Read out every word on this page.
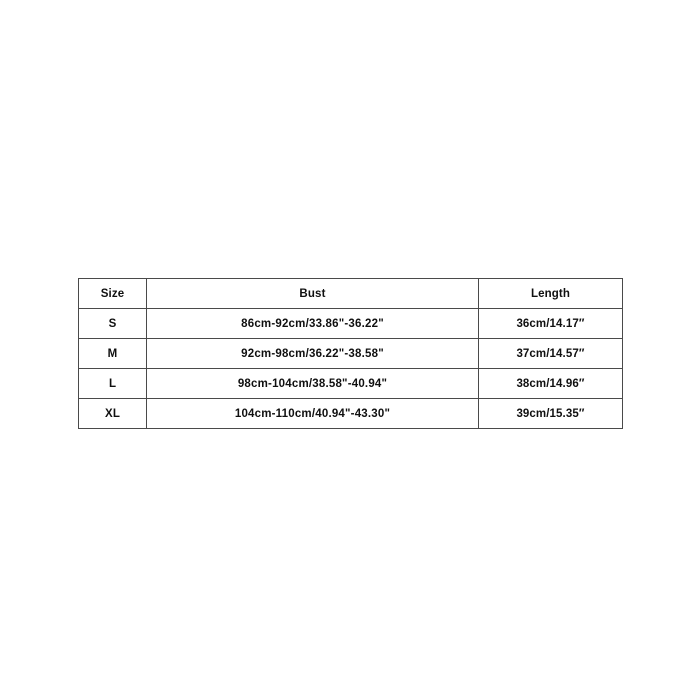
Size	Bust	Length
S	86cm-92cm/33.86"-36.22"	36cm/14.17′′
M	92cm-98cm/36.22"-38.58"	37cm/14.57′′
L	98cm-104cm/38.58"-40.94"	38cm/14.96′′
XL	104cm-110cm/40.94"-43.30"	39cm/15.35′′
